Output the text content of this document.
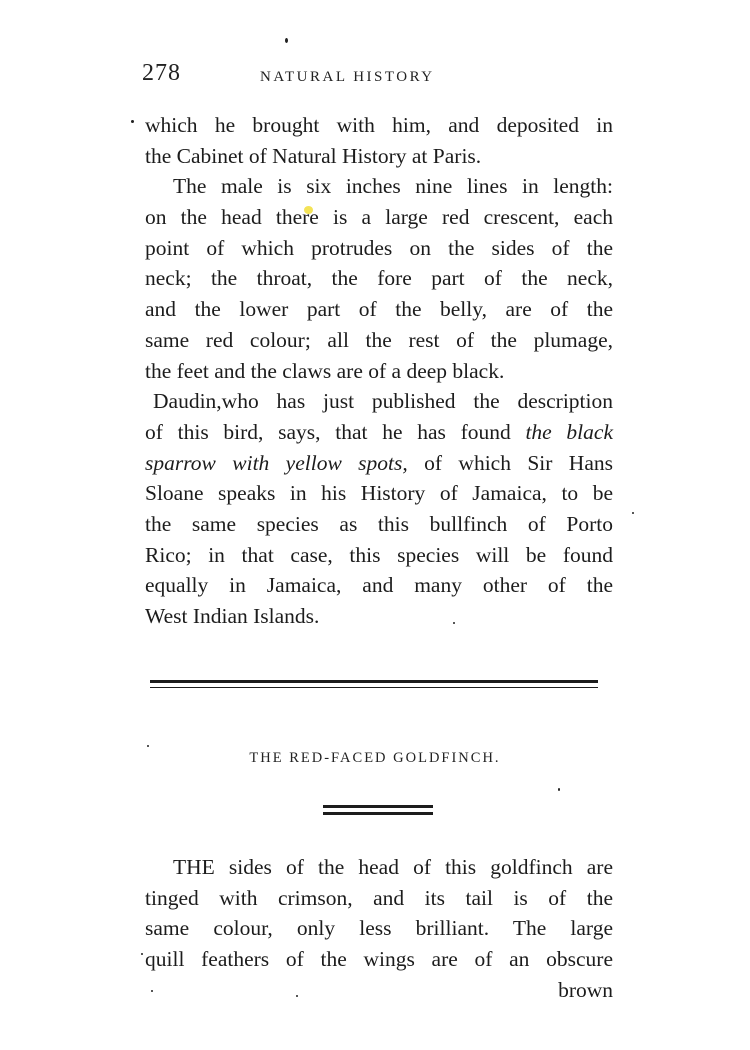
278	NATURAL HISTORY
which he brought with him, and deposited in
the Cabinet of Natural History at Paris.
The male is six inches nine lines in length:
on the head there is a large red crescent, each
point of which protrudes on the sides of the
neck; the throat, the fore part of the neck,
and the lower part of the belly, are of the
same red colour; all the rest of the plumage,
the feet and the claws are of a deep black.
Daudin,who has just published the description
of this bird, says, that he has found the black
sparrow with yellow spots, of which Sir Hans
Sloane speaks in his History of Jamaica, to be
the same species as this bullfinch of Porto
Rico; in that case, this species will be found
equally in Jamaica, and many other of the
West Indian Islands.
THE RED-FACED GOLDFINCH.
THE sides of the head of this goldfinch are
tinged with crimson, and its tail is of the
same colour, only less brilliant. The large
quill feathers of the wings are of an obscure
brown
